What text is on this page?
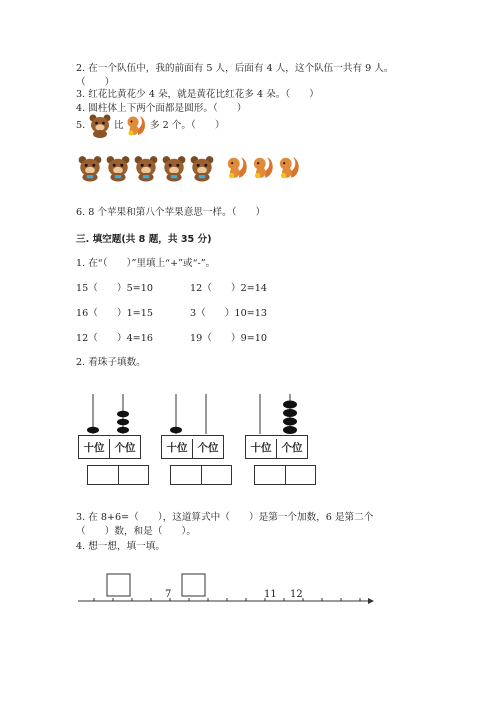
2. 在一个队伍中，我的前面有 5 人，后面有 4 人，这个队伍一共有 9 人。
（　　）
3. 红花比黄花少 4 朵，就是黄花比红花多 4 朵。（　　）
4. 圆柱体上下两个面都是圆形。（　　）
5.	比	多 2 个。（　　）
6. 8 个苹果和第八个苹果意思一样。（　　）
三. 填空题(共 8 题，共 35 分)
1. 在“（　　）”里填上“+”或“-”。
15（　　）5=10	12（　　）2=14
16（　　）1=15	3（　　）10=13
12（　　）4=16	19（　　）9=10
2. 看珠子填数。
十位 个位	十位 个位	十位 个位
3. 在 8+6=（　　），这道算式中（　　）是第一个加数，6 是第二个
（　　）数，和是（　　）。
4. 想一想，填一填。
7	11 12
